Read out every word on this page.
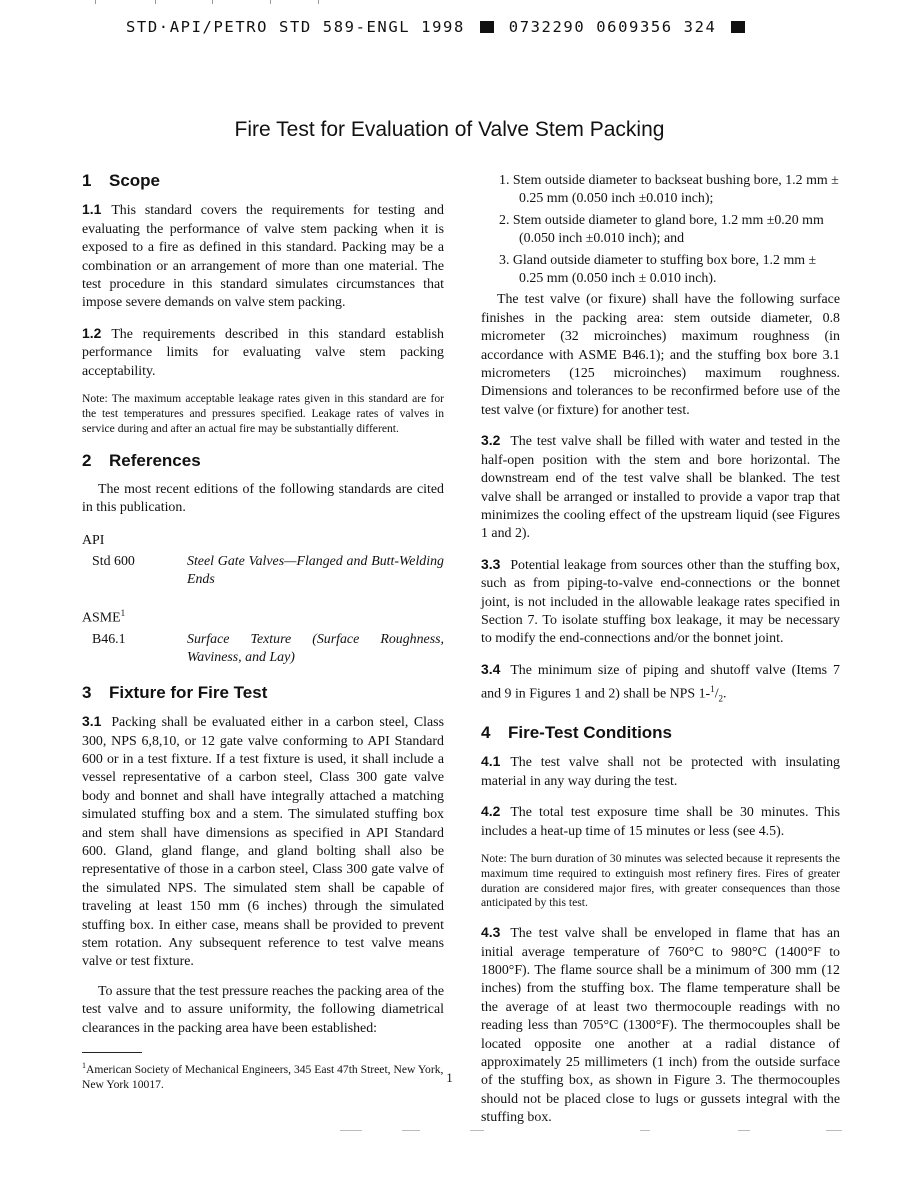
STD·API/PETRO STD 589-ENGL 1998	0732290 0609356 324
Fire Test for Evaluation of Valve Stem Packing
1 Scope

1.1 This standard covers the requirements for testing and evaluating the performance of valve stem packing when it is exposed to a fire as defined in this standard. Packing may be a combination or an arrangement of more than one material. The test procedure in this standard simulates circumstances that impose severe demands on valve stem packing.

1.2 The requirements described in this standard establish performance limits for evaluating valve stem packing acceptability.

Note: The maximum acceptable leakage rates given in this standard are for the test temperatures and pressures specified. Leakage rates of valves in service during and after an actual fire may be substantially different.

2 References

The most recent editions of the following standards are cited in this publication.

API
Std 600	Steel Gate Valves—Flanged and Butt-Welding Ends
ASME$^1$
B46.1	Surface Texture (Surface Roughness, Waviness, and Lay)
3 Fixture for Fire Test

3.1 Packing shall be evaluated either in a carbon steel, Class 300, NPS 6,8,10, or 12 gate valve conforming to API Standard 600 or in a test fixture. If a test fixture is used, it shall include a vessel representative of a carbon steel, Class 300 gate valve body and bonnet and shall have integrally attached a matching simulated stuffing box and a stem. The simulated stuffing box and stem shall have dimensions as specified in API Standard 600. Gland, gland flange, and gland bolting shall also be representative of those in a carbon steel, Class 300 gate valve of the simulated NPS. The simulated stem shall be capable of traveling at least 150 mm (6 inches) through the simulated stuffing box. In either case, means shall be provided to prevent stem rotation. Any subsequent reference to test valve means valve or test fixture.

To assure that the test pressure reaches the packing area of the test valve and to assure uniformity, the following diametrical clearances in the packing area have been established:

$^1$American Society of Mechanical Engineers, 345 East 47th Street, New York, New York 10017.

1. Stem outside diameter to backseat bushing bore, 1.2 mm ± 0.25 mm (0.050 inch ±0.010 inch);

2. Stem outside diameter to gland bore, 1.2 mm ±0.20 mm (0.050 inch ±0.010 inch); and

3. Gland outside diameter to stuffing box bore, 1.2 mm ± 0.25 mm (0.050 inch ± 0.010 inch).

The test valve (or fixure) shall have the following surface finishes in the packing area: stem outside diameter, 0.8 micrometer (32 microinches) maximum roughness (in accordance with ASME B46.1); and the stuffing box bore 3.1 micrometers (125 microinches) maximum roughness. Dimensions and tolerances to be reconfirmed before use of the test valve (or fixture) for another test.

3.2 The test valve shall be filled with water and tested in the half-open position with the stem and bore horizontal. The downstream end of the test valve shall be blanked. The test valve shall be arranged or installed to provide a vapor trap that minimizes the cooling effect of the upstream liquid (see Figures 1 and 2).

3.3 Potential leakage from sources other than the stuffing box, such as from piping-to-valve end-connections or the bonnet joint, is not included in the allowable leakage rates specified in Section 7. To isolate stuffing box leakage, it may be necessary to modify the end-connections and/or the bonnet joint.

3.4 The minimum size of piping and shutoff valve (Items 7 and 9 in Figures 1 and 2) shall be NPS $1-^1/_2$.

4 Fire-Test Conditions

4.1 The test valve shall not be protected with insulating material in any way during the test.

4.2 The total test exposure time shall be 30 minutes. This includes a heat-up time of 15 minutes or less (see 4.5).

Note: The burn duration of 30 minutes was selected because it represents the maximum time required to extinguish most refinery fires. Fires of greater duration are considered major fires, with greater consequences than those anticipated by this test.

4.3 The test valve shall be enveloped in flame that has an initial average temperature of 760°C to 980°C (1400°F to 1800°F). The flame source shall be a minimum of 300 mm (12 inches) from the stuffing box. The flame temperature shall be the average of at least two thermocouple readings with no reading less than 705°C (1300°F). The thermocouples shall be located opposite one another at a radial distance of approximately 25 millimeters (1 inch) from the outside surface of the stuffing box, as shown in Figure 3. The thermocouples should not be placed close to lugs or gussets integral with the stuffing box.

1
